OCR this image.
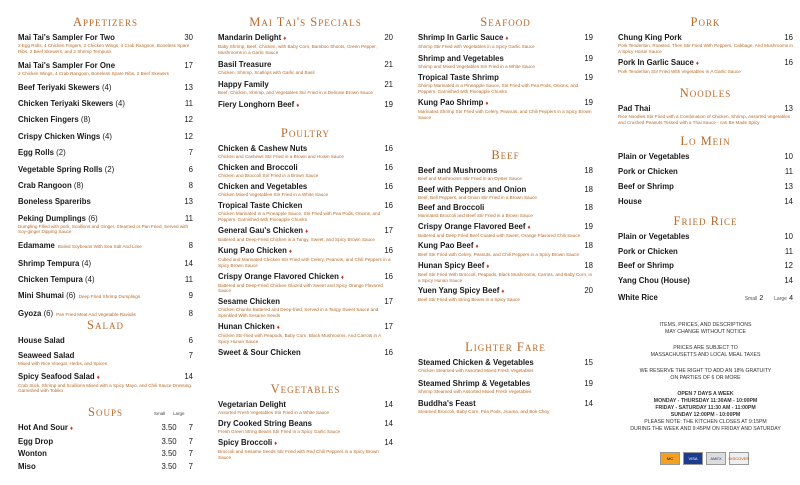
Appetizers
Mai Tai's Sampler For Two	30
2 Egg Rolls, 4 Chicken Fingers, 2 Chicken Wings, 4 Crab Rangoon, Boneless Spare Ribs, 2 Beef Skewers, and 2 Shrimp Tempura
Mai Tai's Sampler For One	17
2 Chicken Wings, 4 Crab Rangoon, Boneless Spare Ribs, 2 Beef Skewers
Beef Teriyaki Skewers (4)	13
Chicken Teriyaki Skewers (4)	11
Chicken Fingers (8)	12
Crispy Chicken Wings (4)	12
Egg Rolls (2)	7
Vegetable Spring Rolls (2)	6
Crab Rangoon (8)	8
Boneless Spareribs	13
Peking Dumplings (6)	11
Dumpling Filled with pork, Scallions and Ginger, Steamed or Pan Fried, Served with Soy-ginger Dipping Sauce
Edamame Boiled Soybeans With Sea Salt And Lime	8
Shrimp Tempura (4)	14
Chicken Tempura (4)	11
Mini Shumai (6) Deep Fried Shrimp Dumplings	9
Gyoza (6) Pan Fried Meat And Vegetable Raviolis	8
Salad
House Salad	6
Seaweed Salad	7
Mixed with Rice Vinegar, Herbs, and Spices
Spicy Seafood Salad ♦	14
Crab Stick, Shrimp and Scallions Mixed with a Spicy Mayo, and Chili Sauce Dressing. Garnished with Tobiko
Soups	Small Large
Hot And Sour ♦	3.50 7
Egg Drop	3.50 7
Wonton	3.50 7
Miso	3.50 7
Mai Tai's Specials
Mandarin Delight ♦	20
Baby Shrimp, Beef, Chicken, with Baby Corn, Bamboo Shoots, Green Pepper, Mushrooms in a Garlic Sauce
Basil Treasure	21
Chicken, Shrimp, Scallops with Garlic and Basil
Happy Family	21
Beef, Chicken, Shrimp, and Vegetables Stir Fried in a Delicate Brown Sauce
Fiery Longhorn Beef ♦	19
Poultry
Chicken & Cashew Nuts	16
Chicken and Cashews Stir Fried in a Brown and Hoisin Sauce
Chicken and Broccoli	16
Chicken and Broccoli Stir Fried in a Brown Sauce
Chicken and Vegetables	16
Chicken Mixed Vegetables Stir Fried in a White Sauce
Tropical Taste Chicken	16
Chicken Marinated in a Pineapple Sauce, Stir Fried with Pea Pods, Onions, and Peppers. Garnished with Pineapple Chunks
General Gau's Chicken ♦	17
Battered and Deep-Fried Chicken in a Tangy, Sweet, and Spicy Brown Sauce
Kung Pao Chicken ♦	16
Cubed and Marinated Chicken Stir Fried with Celery, Peanuts, and Chili Peppers in a Spicy Brown Sauce
Crispy Orange Flavored Chicken ♦	16
Battered and Deep-Fried Chicken Glazed with Sweet and Spicy Orange Flavored Sauce
Sesame Chicken	17
Chicken Chunks Battered and Deep-fried, Served in a Tangy Sweet Sauce and Sprinkled With Sesame Seeds
Hunan Chicken ♦	17
Chicken Stir-fried with Peapods, Baby Corn, Black Mushrooms, And Carrots in A Spicy Hunan Sauce
Sweet & Sour Chicken	16
Vegetables
Vegetarian Delight	14
Assorted Fresh Vegetables Stir Fried in a White Sauce
Dry Cooked String Beans	14
Fresh Green String Beans Stir Fried in a Spicy Garlic Sauce
Spicy Broccoli ♦	14
Broccoli and Sesame Seeds Stir Fried with Red Chili Peppers in a Spicy Brown Sauce
Seafood
Shrimp In Garlic Sauce ♦	19
Shrimp Stir Fried with Vegetables in a Spicy Garlic Sauce
Shrimp and Vegetables	19
Shrimp and Mixed Vegetables Stir Fried in a White Sauce
Tropical Taste Shrimp	19
Shrimp Marinated in a Pineapple Sauce, Stir Fried with Pea Pods, Onions, and Peppers. Garnished with Pineapple Chunks
Kung Pao Shrimp ♦	19
Marinated Shrimp Stir Fried with Celery, Peanuts, and Chili Peppers in a Spicy Brown Sauce
Beef
Beef and Mushrooms	18
Beef and Mushrooms Stir Fried in an Oyster Sauce
Beef with Peppers and Onion	18
Beef, Bell Peppers, and Onion Stir Fried in a Brown Sauce
Beef and Broccoli	18
Marinated Broccoli and Beef Stir Fried in a Brown Sauce
Crispy Orange Flavored Beef ♦	19
Battered and Deep Fried Beef Coated with Sweet, Orange Flavored Chili Sauce
Kung Pao Beef ♦	18
Beef Stir Fried with Celery, Peanuts, and Chili Peppers in a Spicy Brown Sauce
Hunan Spicy Beef ♦	18
Beef Stir Fried With Broccoli, Peapods, Black Mushrooms, Carrots, and Baby Corn, in a Spicy Hunan Sauce
Yuen Yang Spicy Beef ♦	20
Beef Stir Fried with String Beans in a Spicy Sauce
Lighter Fare
Steamed Chicken & Vegetables	15
Chicken Steamed with Assorted Mixed Fresh Vegetables
Steamed Shrimp & Vegetables	19
Shrimp Steamed with Assorted Mixed Fresh Vegetables
Buddha's Feast	14
Steamed Broccoli, Baby Corn, Pea Pods, Jicama, and Bok Choy
Pork
Chung King Pork	16
Pork Tenderloin, Roasted, Then Stir Fried With Peppers, Cabbage, And Mushrooms in A Spicy Hoisin Sauce
Pork In Garlic Sauce ♦	16
Pork Tenderloin Stir Fried With Vegetables In A Garlic Sauce
Noodles
Pad Thai	13
Rice Noodles Stir Fried with a Combination of Chicken, Shrimp, Assorted Vegetables and Crushed Peanuts Tossed with a Thai Sauce - can Be Made Spicy
Lo Mein
Plain or Vegetables	10
Pork or Chicken	11
Beef or Shrimp	13
House	14
Fried Rice
Plain or Vegetables	10
Pork or Chicken	11
Beef or Shrimp	12
Yang Chou (House)	14
White Rice	Small 2 Large 4
ITEMS, PRICES, AND DESCRIPTIONS
MAY CHANGE WITHOUT NOTICE
PRICES ARE SUBJECT TO
MASSACHUSETTS AND LOCAL MEAL TAXES
WE RESERVE THE RIGHT TO ADD AN 18% GRATUITY
ON PARTIES OF 6 OR MORE
OPEN 7 DAYS A WEEK
MONDAY - THURSDAY 11:30AM - 10:00PM
FRIDAY - SATURDAY 11:30 AM - 11:00PM
SUNDAY 12:00PM - 10:00PM
PLEASE NOTE: THE KITCHEN CLOSES AT 9:15PM
DURING THE WEEK AND 9:45PM ON FRIDAY AND SATURDAY
MC	VISA	AMEX	DISCOVER
